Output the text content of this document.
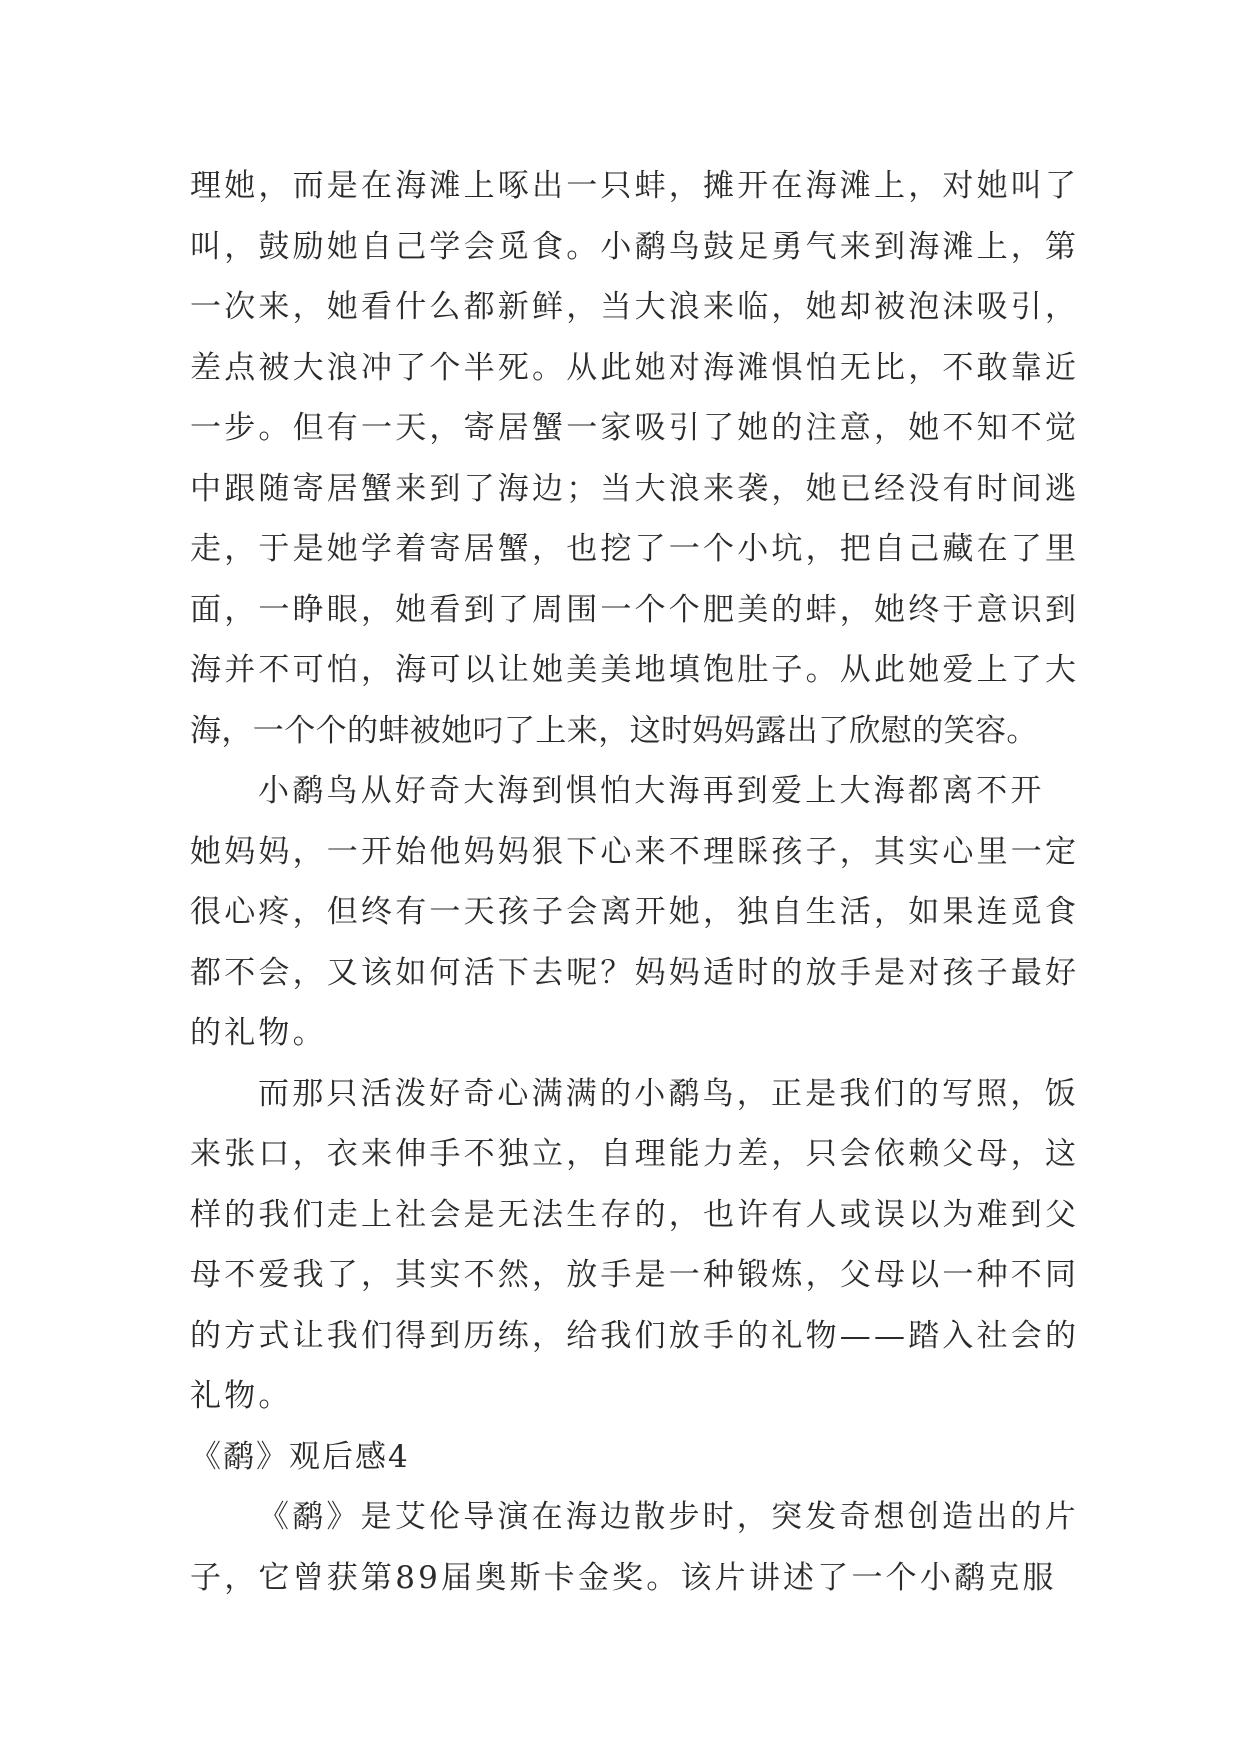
理她，而是在海滩上啄出一只蚌，摊开在海滩上，对她叫了
叫，鼓励她自己学会觅食。小鹬鸟鼓足勇气来到海滩上，第
一次来，她看什么都新鲜，当大浪来临，她却被泡沫吸引，
差点被大浪冲了个半死。从此她对海滩惧怕无比，不敢靠近
一步。但有一天，寄居蟹一家吸引了她的注意，她不知不觉
中跟随寄居蟹来到了海边；当大浪来袭，她已经没有时间逃
走，于是她学着寄居蟹，也挖了一个小坑，把自己藏在了里
面，一睁眼，她看到了周围一个个肥美的蚌，她终于意识到
海并不可怕，海可以让她美美地填饱肚子。从此她爱上了大
海，一个个的蚌被她叼了上来，这时妈妈露出了欣慰的笑容。
小鹬鸟从好奇大海到惧怕大海再到爱上大海都离不开
她妈妈，一开始他妈妈狠下心来不理睬孩子，其实心里一定
很心疼，但终有一天孩子会离开她，独自生活，如果连觅食
都不会，又该如何活下去呢？妈妈适时的放手是对孩子最好
的礼物。
而那只活泼好奇心满满的小鹬鸟，正是我们的写照，饭
来张口，衣来伸手不独立，自理能力差，只会依赖父母，这
样的我们走上社会是无法生存的，也许有人或误以为难到父
母不爱我了，其实不然，放手是一种锻炼，父母以一种不同
的方式让我们得到历练，给我们放手的礼物——踏入社会的
礼物。
《鹬》观后感4
《鹬》是艾伦导演在海边散步时，突发奇想创造出的片
子，它曾获第89届奥斯卡金奖。该片讲述了一个小鹬克服
